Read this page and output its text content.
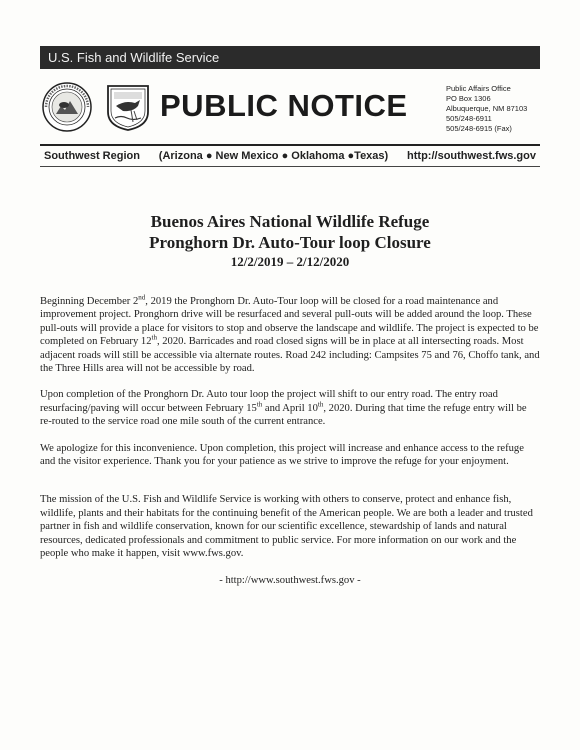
U.S. Fish and Wildlife Service
PUBLIC NOTICE	Public Affairs Office
PO Box 1306
Albuquerque, NM 87103
505/248-6911
505/248-6915 (Fax)
Southwest Region (Arizona ● New Mexico ● Oklahoma ●Texas) http://southwest.fws.gov
Buenos Aires National Wildlife Refuge
Pronghorn Dr. Auto-Tour loop Closure
12/2/2019 – 2/12/2020

Beginning December 2nd, 2019 the Pronghorn Dr. Auto-Tour loop will be closed for a road maintenance and improvement project. Pronghorn drive will be resurfaced and several pull-outs will be added around the loop. These pull-outs will provide a place for visitors to stop and observe the landscape and wildlife. The project is expected to be completed on February 12th, 2020. Barricades and road closed signs will be in place at all intersecting roads. Most adjacent roads will still be accessible via alternate routes. Road 242 including: Campsites 75 and 76, Choffo tank, and the Three Hills area will not be accessible by road.

Upon completion of the Pronghorn Dr. Auto tour loop the project will shift to our entry road. The entry road resurfacing/paving will occur between February 15th and April 10th, 2020. During that time the refuge entry will be re-routed to the service road one mile south of the current entrance.

We apologize for this inconvenience. Upon completion, this project will increase and enhance access to the refuge and the visitor experience. Thank you for your patience as we strive to improve the refuge for your enjoyment.

The mission of the U.S. Fish and Wildlife Service is working with others to conserve, protect and enhance fish, wildlife, plants and their habitats for the continuing benefit of the American people. We are both a leader and trusted partner in fish and wildlife conservation, known for our scientific excellence, stewardship of lands and natural resources, dedicated professionals and commitment to public service. For more information on our work and the people who make it happen, visit www.fws.gov.

- http://www.southwest.fws.gov -
